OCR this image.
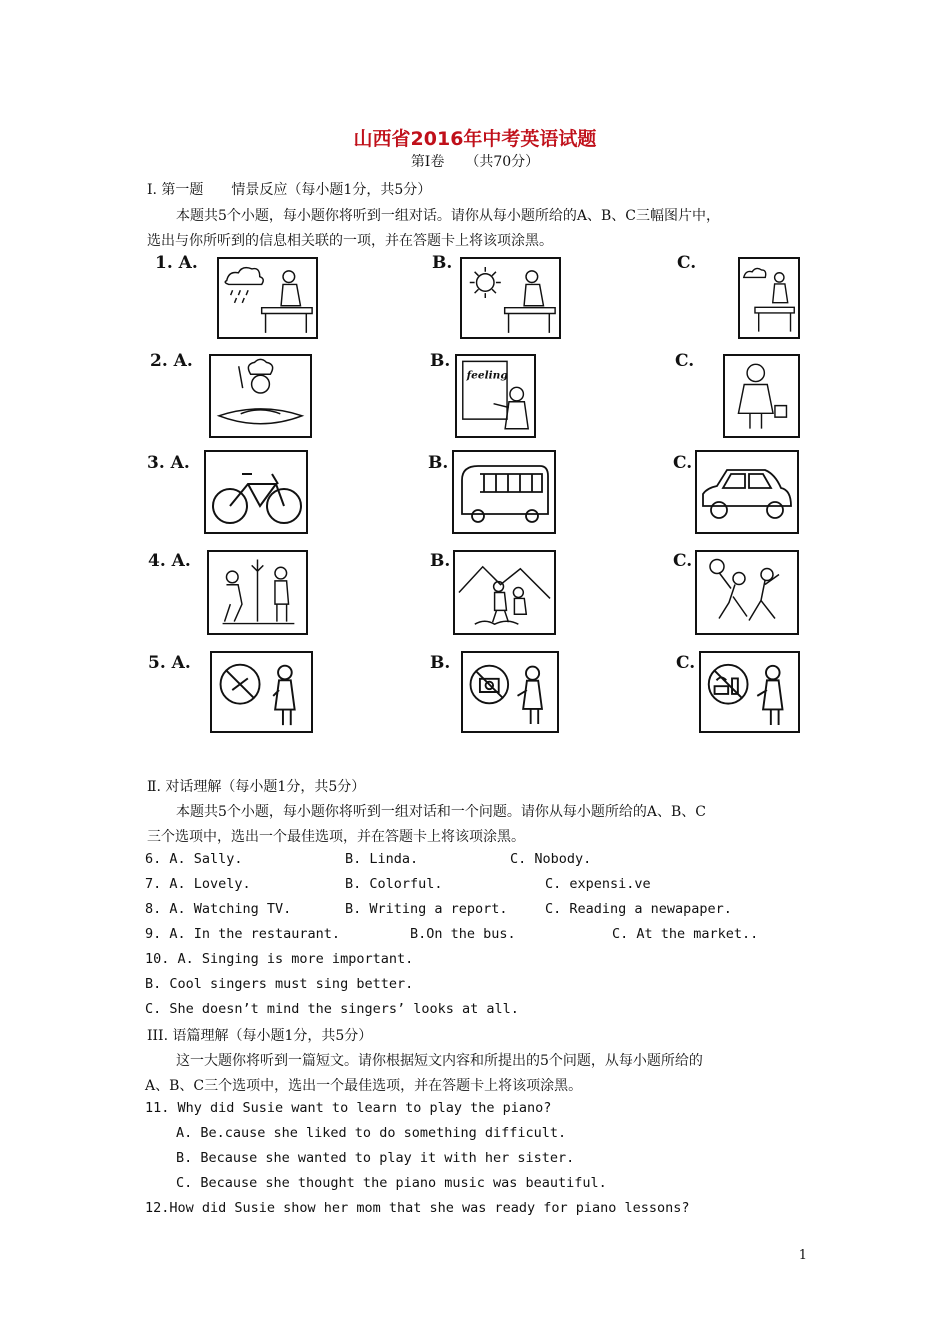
山西省2016年中考英语试题
第Ⅰ卷　　（共70分）
Ⅰ. 第一题　　情景反应（每小题1分，共5分）
本题共5个小题，每小题你将听到一组对话。请你从每小题所给的A、B、C三幅图片中，
选出与你所听到的信息相关联的一项，并在答题卡上将该项涂黑。
1. A.	B.	C.
2. A.	B.	C.
feeling
3. A.	B.	C.
4. A.	B.	C.
5. A.	B.	C.
Ⅱ. 对话理解（每小题1分，共5分）
本题共5个小题，每小题你将听到一组对话和一个问题。请你从每小题所给的A、B、C
三个选项中，选出一个最佳选项，并在答题卡上将该项涂黑。
6. A. Sally.	B. Linda.	C. Nobody.
7. A. Lovely.	B. Colorful.	C. expensi.ve
8. A. Watching TV.	B. Writing a report.	C. Reading a newapaper.
9. A. In the restaurant.	B.On the bus.	C. At the market..
10. A. Singing is more important.
B. Cool singers must sing better.
C. She doesn’t mind the singers’ looks at all.
III. 语篇理解（每小题1分，共5分）
这一大题你将听到一篇短文。请你根据短文内容和所提出的5个问题，从每小题所给的
A、B、C三个选项中，选出一个最佳选项，并在答题卡上将该项涂黑。
11. Why did Susie want to learn to play the piano?
A. Be.cause she liked to do something difficult.
B. Because she wanted to play it with her sister.
C. Because she thought the piano music was beautiful.
12.How did Susie show her mom that she was ready for piano lessons?
1
